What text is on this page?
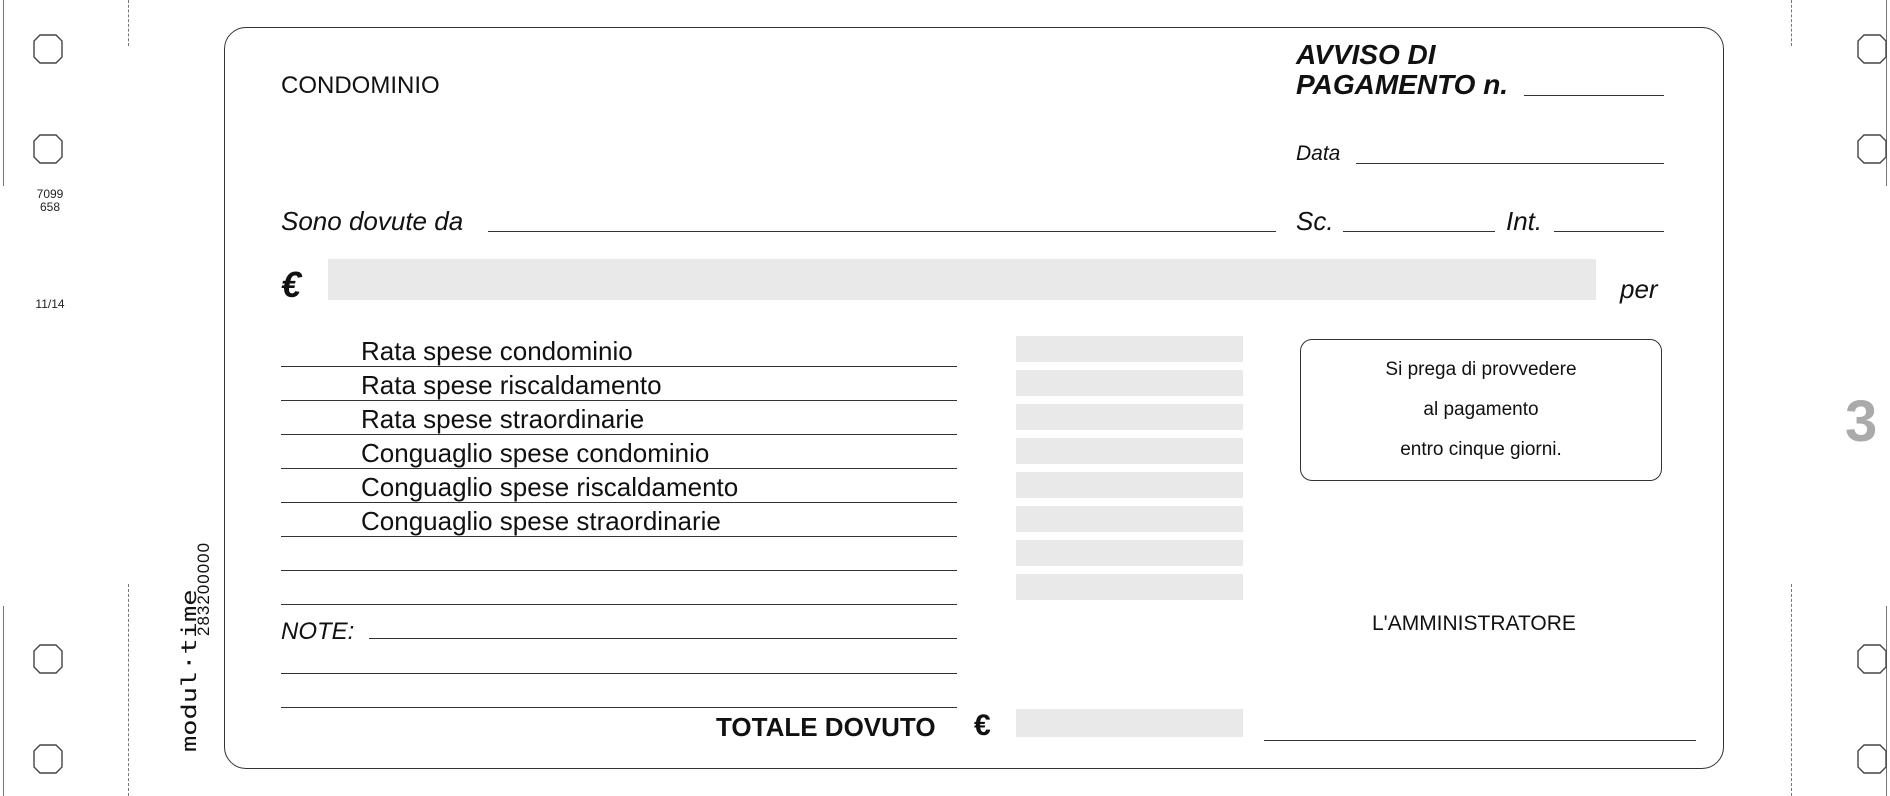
7099
658
11/14
283200000
modul·time
3
CONDOMINIO
AVVISO DI
PAGAMENTO n.
Data
Sono dovute da	Sc.	Int.
€	per
Rata spese condominio
Rata spese riscaldamento
Rata spese straordinarie
Conguaglio spese condominio
Conguaglio spese riscaldamento
Conguaglio spese straordinarie
NOTE:
TOTALE DOVUTO €
Si prega di provvedere
al pagamento
entro cinque giorni.
L'AMMINISTRATORE
